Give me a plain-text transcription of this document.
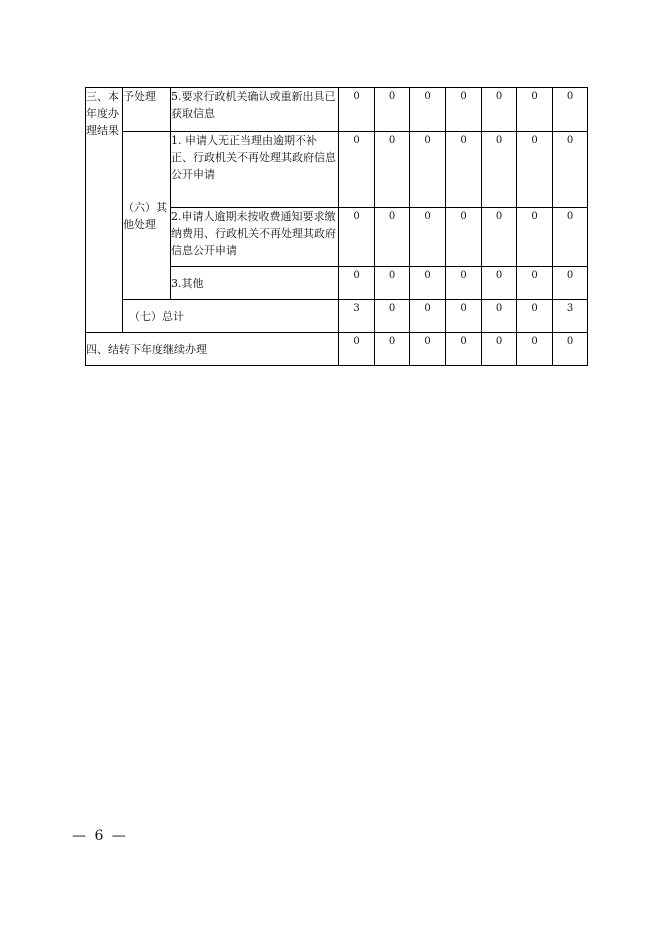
三、本年度办理结果	予处理	5.要求行政机关确认或重新出具已获取信息	0	0	0	0	0	0	0
	（六）其他处理	1. 申请人无正当理由逾期不补正、行政机关不再处理其政府信息公开申请	0	0	0	0	0	0	0
		2.申请人逾期未按收费通知要求缴纳费用、行政机关不再处理其政府信息公开申请	0	0	0	0	0	0	0
		3.其他	0	0	0	0	0	0	0
	（七）总计		3	0	0	0	0	0	3
四、结转下年度继续办理			0	0	0	0	0	0	0
— 6 —
